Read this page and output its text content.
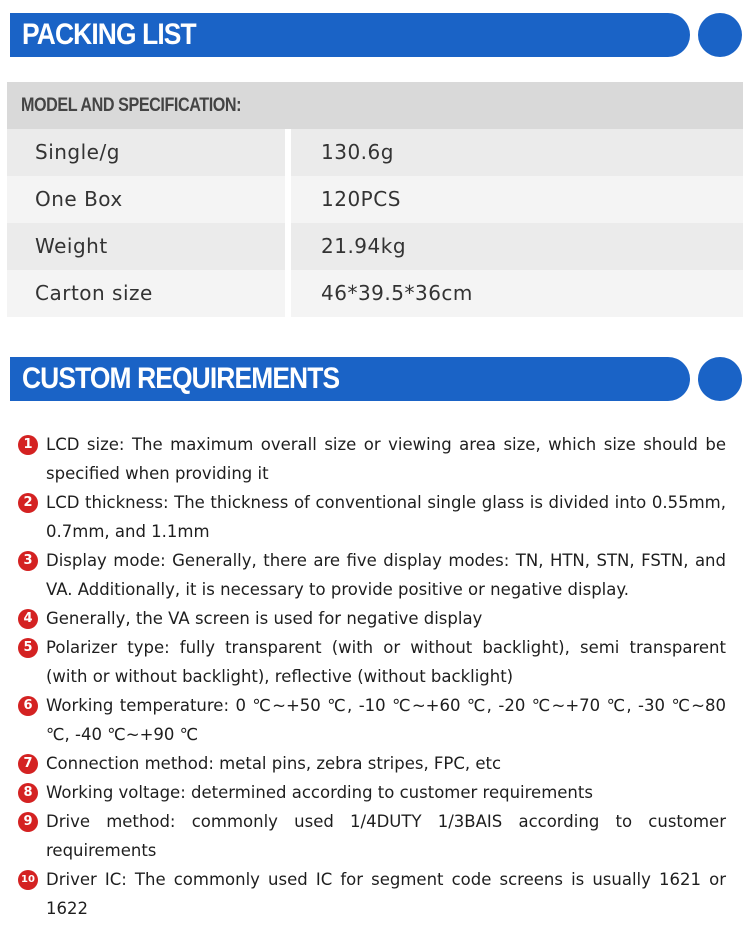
PACKING LIST
MODEL AND SPECIFICATION:
Single/g	130.6g
One Box	120PCS
Weight	21.94kg
Carton size	46*39.5*36cm
CUSTOM REQUIREMENTS
1 LCD size: The maximum overall size or viewing area size, which size should be specified when providing it
2 LCD thickness: The thickness of conventional single glass is divided into 0.55mm, 0.7mm, and 1.1mm
3 Display mode: Generally, there are five display modes: TN, HTN, STN, FSTN, and VA. Additionally, it is necessary to provide positive or negative display.
4 Generally, the VA screen is used for negative display
5 Polarizer type: fully transparent (with or without backlight), semi transparent (with or without backlight), reflective (without backlight)
6 Working temperature: 0 ℃~+50 ℃, -10 ℃~+60 ℃, -20 ℃~+70 ℃, -30 ℃~80 ℃, -40 ℃~+90 ℃
7 Connection method: metal pins, zebra stripes, FPC, etc
8 Working voltage: determined according to customer requirements
9 Drive method: commonly used 1/4DUTY 1/3BAIS according to customer requirements
10 Driver IC: The commonly used IC for segment code screens is usually 1621 or 1622
